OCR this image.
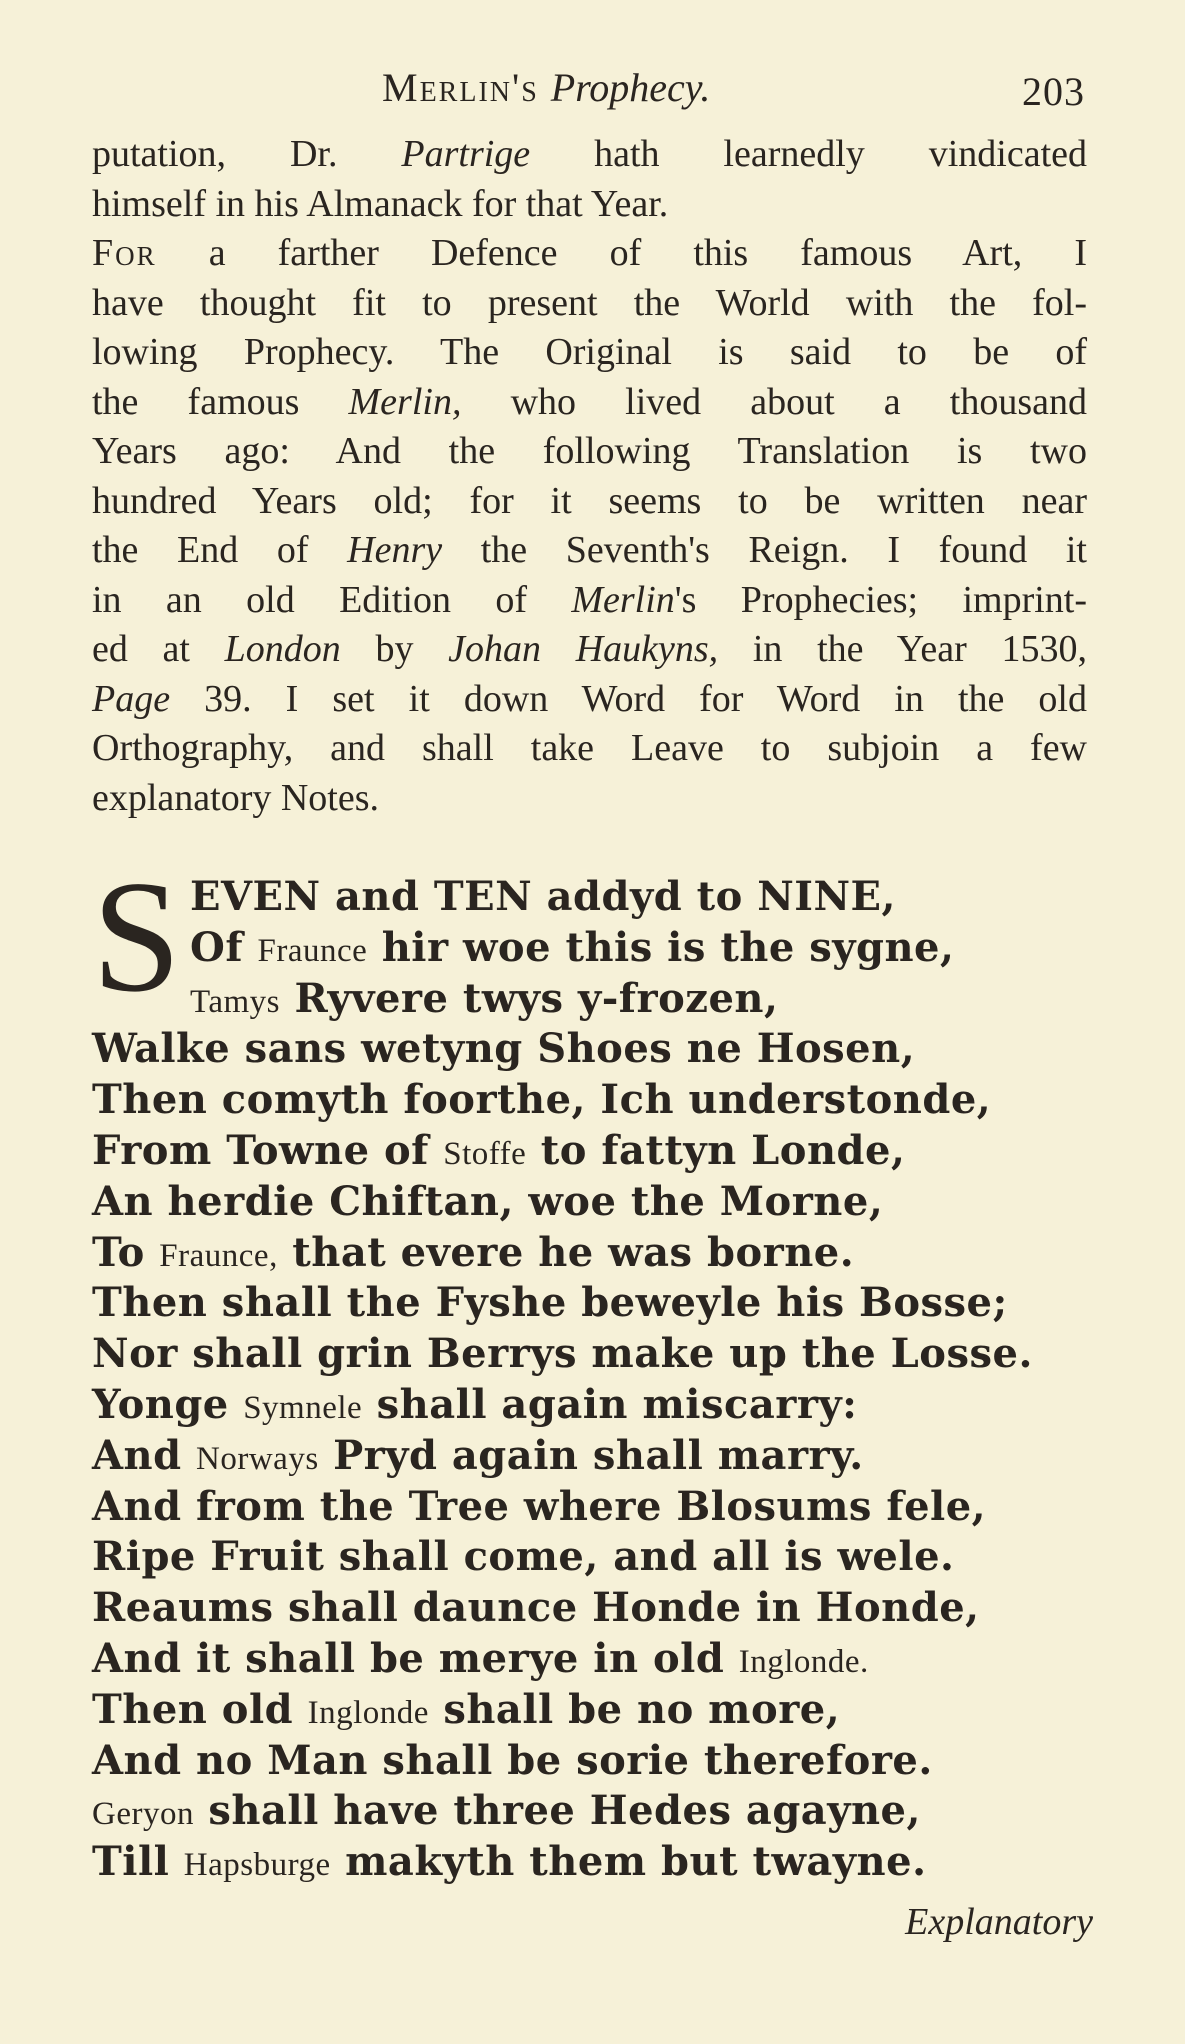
Merlin's Prophecy.	203
putation, Dr. Partrige hath learnedly vindicated
himself in his Almanack for that Year.
For a farther Defence of this famous Art, I
have thought fit to present the World with the fol-
lowing Prophecy. The Original is said to be of
the famous Merlin, who lived about a thousand
Years ago: And the following Translation is two
hundred Years old; for it seems to be written near
the End of Henry the Seventh's Reign. I found it
in an old Edition of Merlin's Prophecies; imprint-
ed at London by Johan Haukyns, in the Year 1530,
Page 39. I set it down Word for Word in the old
Orthography, and shall take Leave to subjoin a few
explanatory Notes.
S EVEN and TEN addyd to NINE,
Of Fraunce hir woe this is the sygne,
Tamys Ryvere twys y-frozen,
Walke sans wetyng Shoes ne Hosen,
Then comyth foorthe, Ich understonde,
From Towne of Stoffe to fattyn Londe,
An herdie Chiftan, woe the Morne,
To Fraunce, that evere he was borne.
Then shall the Fyshe beweyle his Bosse;
Nor shall grin Berrys make up the Losse.
Yonge Symnele shall again miscarry:
And Norways Pryd again shall marry.
And from the Tree where Blosums fele,
Ripe Fruit shall come, and all is wele.
Reaums shall daunce Honde in Honde,
And it shall be merye in old Inglonde.
Then old Inglonde shall be no more,
And no Man shall be sorie therefore.
Geryon shall have three Hedes agayne,
Till Hapsburge makyth them but twayne.
Explanatory
